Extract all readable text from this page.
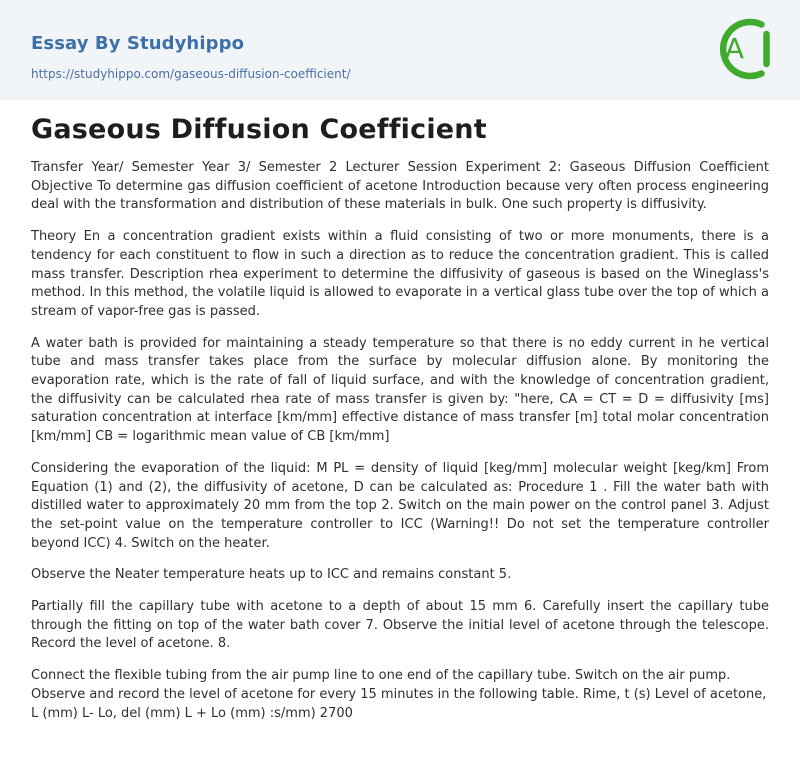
Essay By Studyhippo
https://studyhippo.com/gaseous-diffusion-coefficient/
A
Gaseous Diffusion Coefficient

Transfer Year/ Semester Year 3/ Semester 2 Lecturer Session Experiment 2: Gaseous Diffusion Coefficient Objective To determine gas diffusion coefficient of acetone Introduction because very often process engineering deal with the transformation and distribution of these materials in bulk. One such property is diffusivity.

Theory En a concentration gradient exists within a fluid consisting of two or more monuments, there is a tendency for each constituent to flow in such a direction as to reduce the concentration gradient. This is called mass transfer. Description rhea experiment to determine the diffusivity of gaseous is based on the Wineglass's method. In this method, the volatile liquid is allowed to evaporate in a vertical glass tube over the top of which a stream of vapor-free gas is passed.

A water bath is provided for maintaining a steady temperature so that there is no eddy current in he vertical tube and mass transfer takes place from the surface by molecular diffusion alone. By monitoring the evaporation rate, which is the rate of fall of liquid surface, and with the knowledge of concentration gradient, the diffusivity can be calculated rhea rate of mass transfer is given by: "here, CA = CT = D = diffusivity [ms] saturation concentration at interface [km/mm] effective distance of mass transfer [m] total molar concentration [km/mm] CB = logarithmic mean value of CB [km/mm]

Considering the evaporation of the liquid: M PL = density of liquid [keg/mm] molecular weight [keg/km] From Equation (1) and (2), the diffusivity of acetone, D can be calculated as: Procedure 1 . Fill the water bath with distilled water to approximately 20 mm from the top 2. Switch on the main power on the control panel 3. Adjust the set-point value on the temperature controller to ICC (Warning!! Do not set the temperature controller beyond ICC) 4. Switch on the heater.

Observe the Neater temperature heats up to ICC and remains constant 5.

Partially fill the capillary tube with acetone to a depth of about 15 mm 6. Carefully insert the capillary tube through the fitting on top of the water bath cover 7. Observe the initial level of acetone through the telescope. Record the level of acetone. 8.

Connect the flexible tubing from the air pump line to one end of the capillary tube. Switch on the air pump. Observe and record the level of acetone for every 15 minutes in the following table. Rime, t (s) Level of acetone, L (mm) L- Lo, del (mm) L + Lo (mm) :s/mm) 2700
